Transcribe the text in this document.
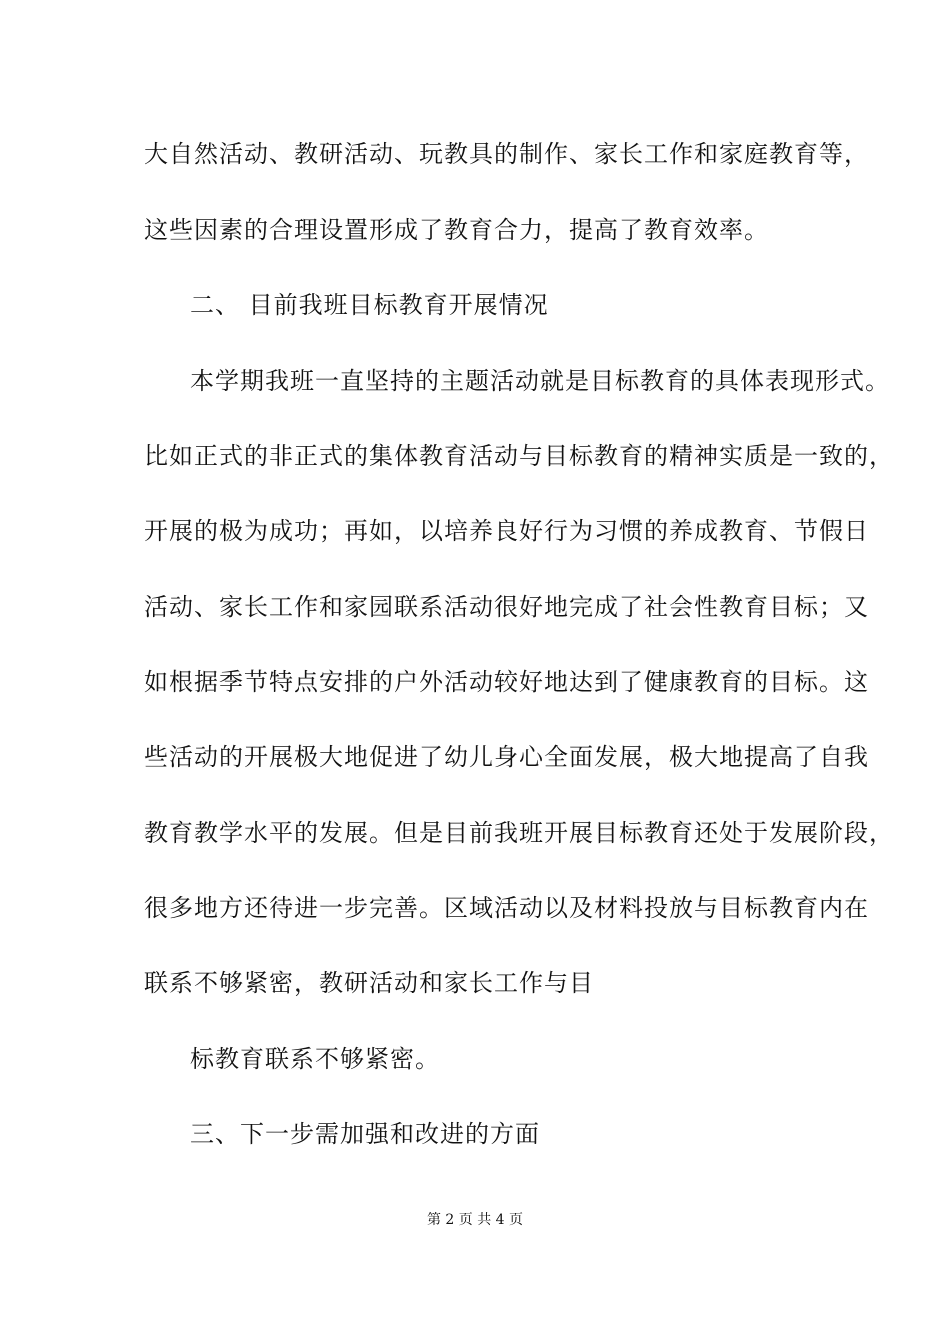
大自然活动、教研活动、玩教具的制作、家长工作和家庭教育等，
这些因素的合理设置形成了教育合力，提高了教育效率。
二、 目前我班目标教育开展情况
本学期我班一直坚持的主题活动就是目标教育的具体表现形式。
比如正式的非正式的集体教育活动与目标教育的精神实质是一致的，
开展的极为成功；再如，以培养良好行为习惯的养成教育、节假日
活动、家长工作和家园联系活动很好地完成了社会性教育目标；又
如根据季节特点安排的户外活动较好地达到了健康教育的目标。这
些活动的开展极大地促进了幼儿身心全面发展，极大地提高了自我
教育教学水平的发展。但是目前我班开展目标教育还处于发展阶段，
很多地方还待进一步完善。区域活动以及材料投放与目标教育内在
联系不够紧密，教研活动和家长工作与目
标教育联系不够紧密。
三、下一步需加强和改进的方面
第 2 页 共 4 页
